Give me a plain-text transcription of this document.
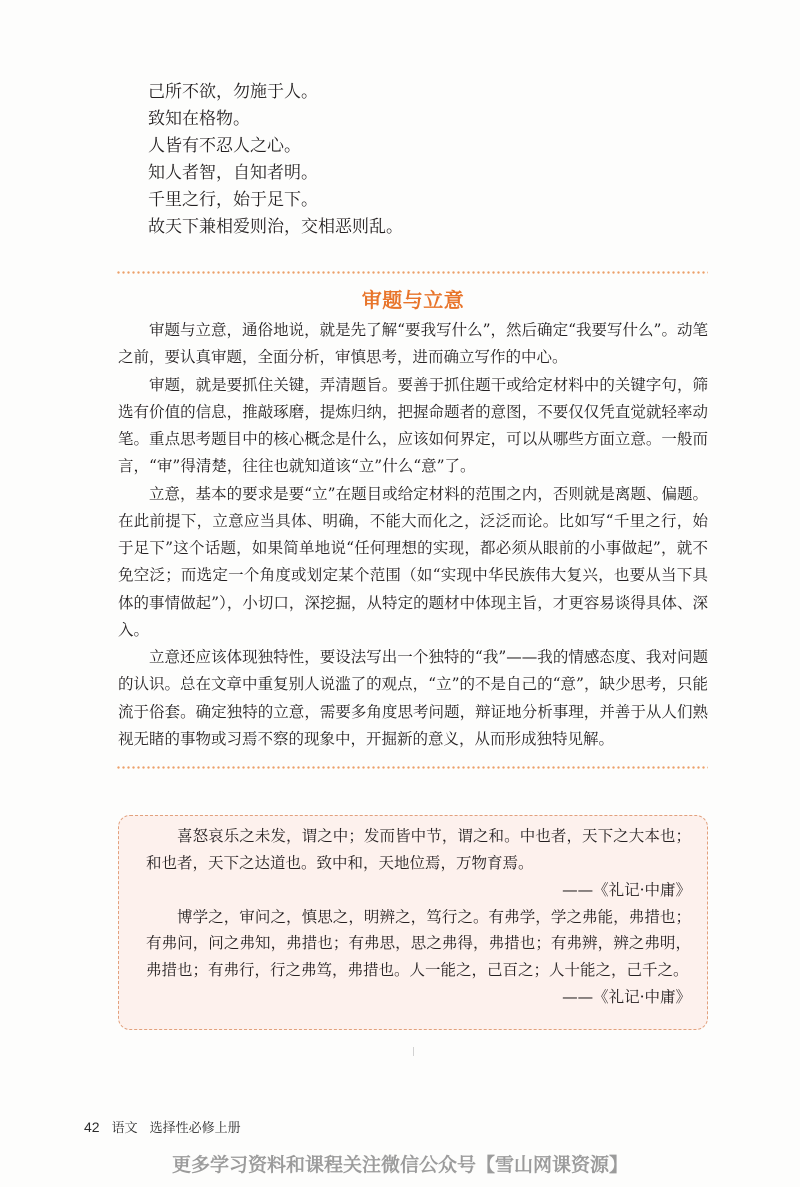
己所不欲，勿施于人。
致知在格物。
人皆有不忍人之心。
知人者智，自知者明。
千里之行，始于足下。
故天下兼相爱则治，交相恶则乱。
审题与立意

审题与立意，通俗地说，就是先了解“要我写什么”，然后确定“我要写什么”。动笔之前，要认真审题，全面分析，审慎思考，进而确立写作的中心。

审题，就是要抓住关键，弄清题旨。要善于抓住题干或给定材料中的关键字句，筛选有价值的信息，推敲琢磨，提炼归纳，把握命题者的意图，不要仅仅凭直觉就轻率动笔。重点思考题目中的核心概念是什么，应该如何界定，可以从哪些方面立意。一般而言，“审”得清楚，往往也就知道该“立”什么“意”了。

立意，基本的要求是要“立”在题目或给定材料的范围之内，否则就是离题、偏题。在此前提下，立意应当具体、明确，不能大而化之，泛泛而论。比如写“千里之行，始于足下”这个话题，如果简单地说“任何理想的实现，都必须从眼前的小事做起”，就不免空泛；而选定一个角度或划定某个范围（如“实现中华民族伟大复兴，也要从当下具体的事情做起”），小切口，深挖掘，从特定的题材中体现主旨，才更容易谈得具体、深入。

立意还应该体现独特性，要设法写出一个独特的“我”——我的情感态度、我对问题的认识。总在文章中重复别人说滥了的观点，“立”的不是自己的“意”，缺少思考，只能流于俗套。确定独特的立意，需要多角度思考问题，辩证地分析事理，并善于从人们熟视无睹的事物或习焉不察的现象中，开掘新的意义，从而形成独特见解。

喜怒哀乐之未发，谓之中；发而皆中节，谓之和。中也者，天下之大本也；和也者，天下之达道也。致中和，天地位焉，万物育焉。

——《礼记·中庸》

博学之，审问之，慎思之，明辨之，笃行之。有弗学，学之弗能，弗措也；有弗问，问之弗知，弗措也；有弗思，思之弗得，弗措也；有弗辨，辨之弗明，弗措也；有弗行，行之弗笃，弗措也。人一能之，己百之；人十能之，己千之。

——《礼记·中庸》

42 语文 选择性必修上册
更多学习资料和课程关注微信公众号【雪山网课资源】
